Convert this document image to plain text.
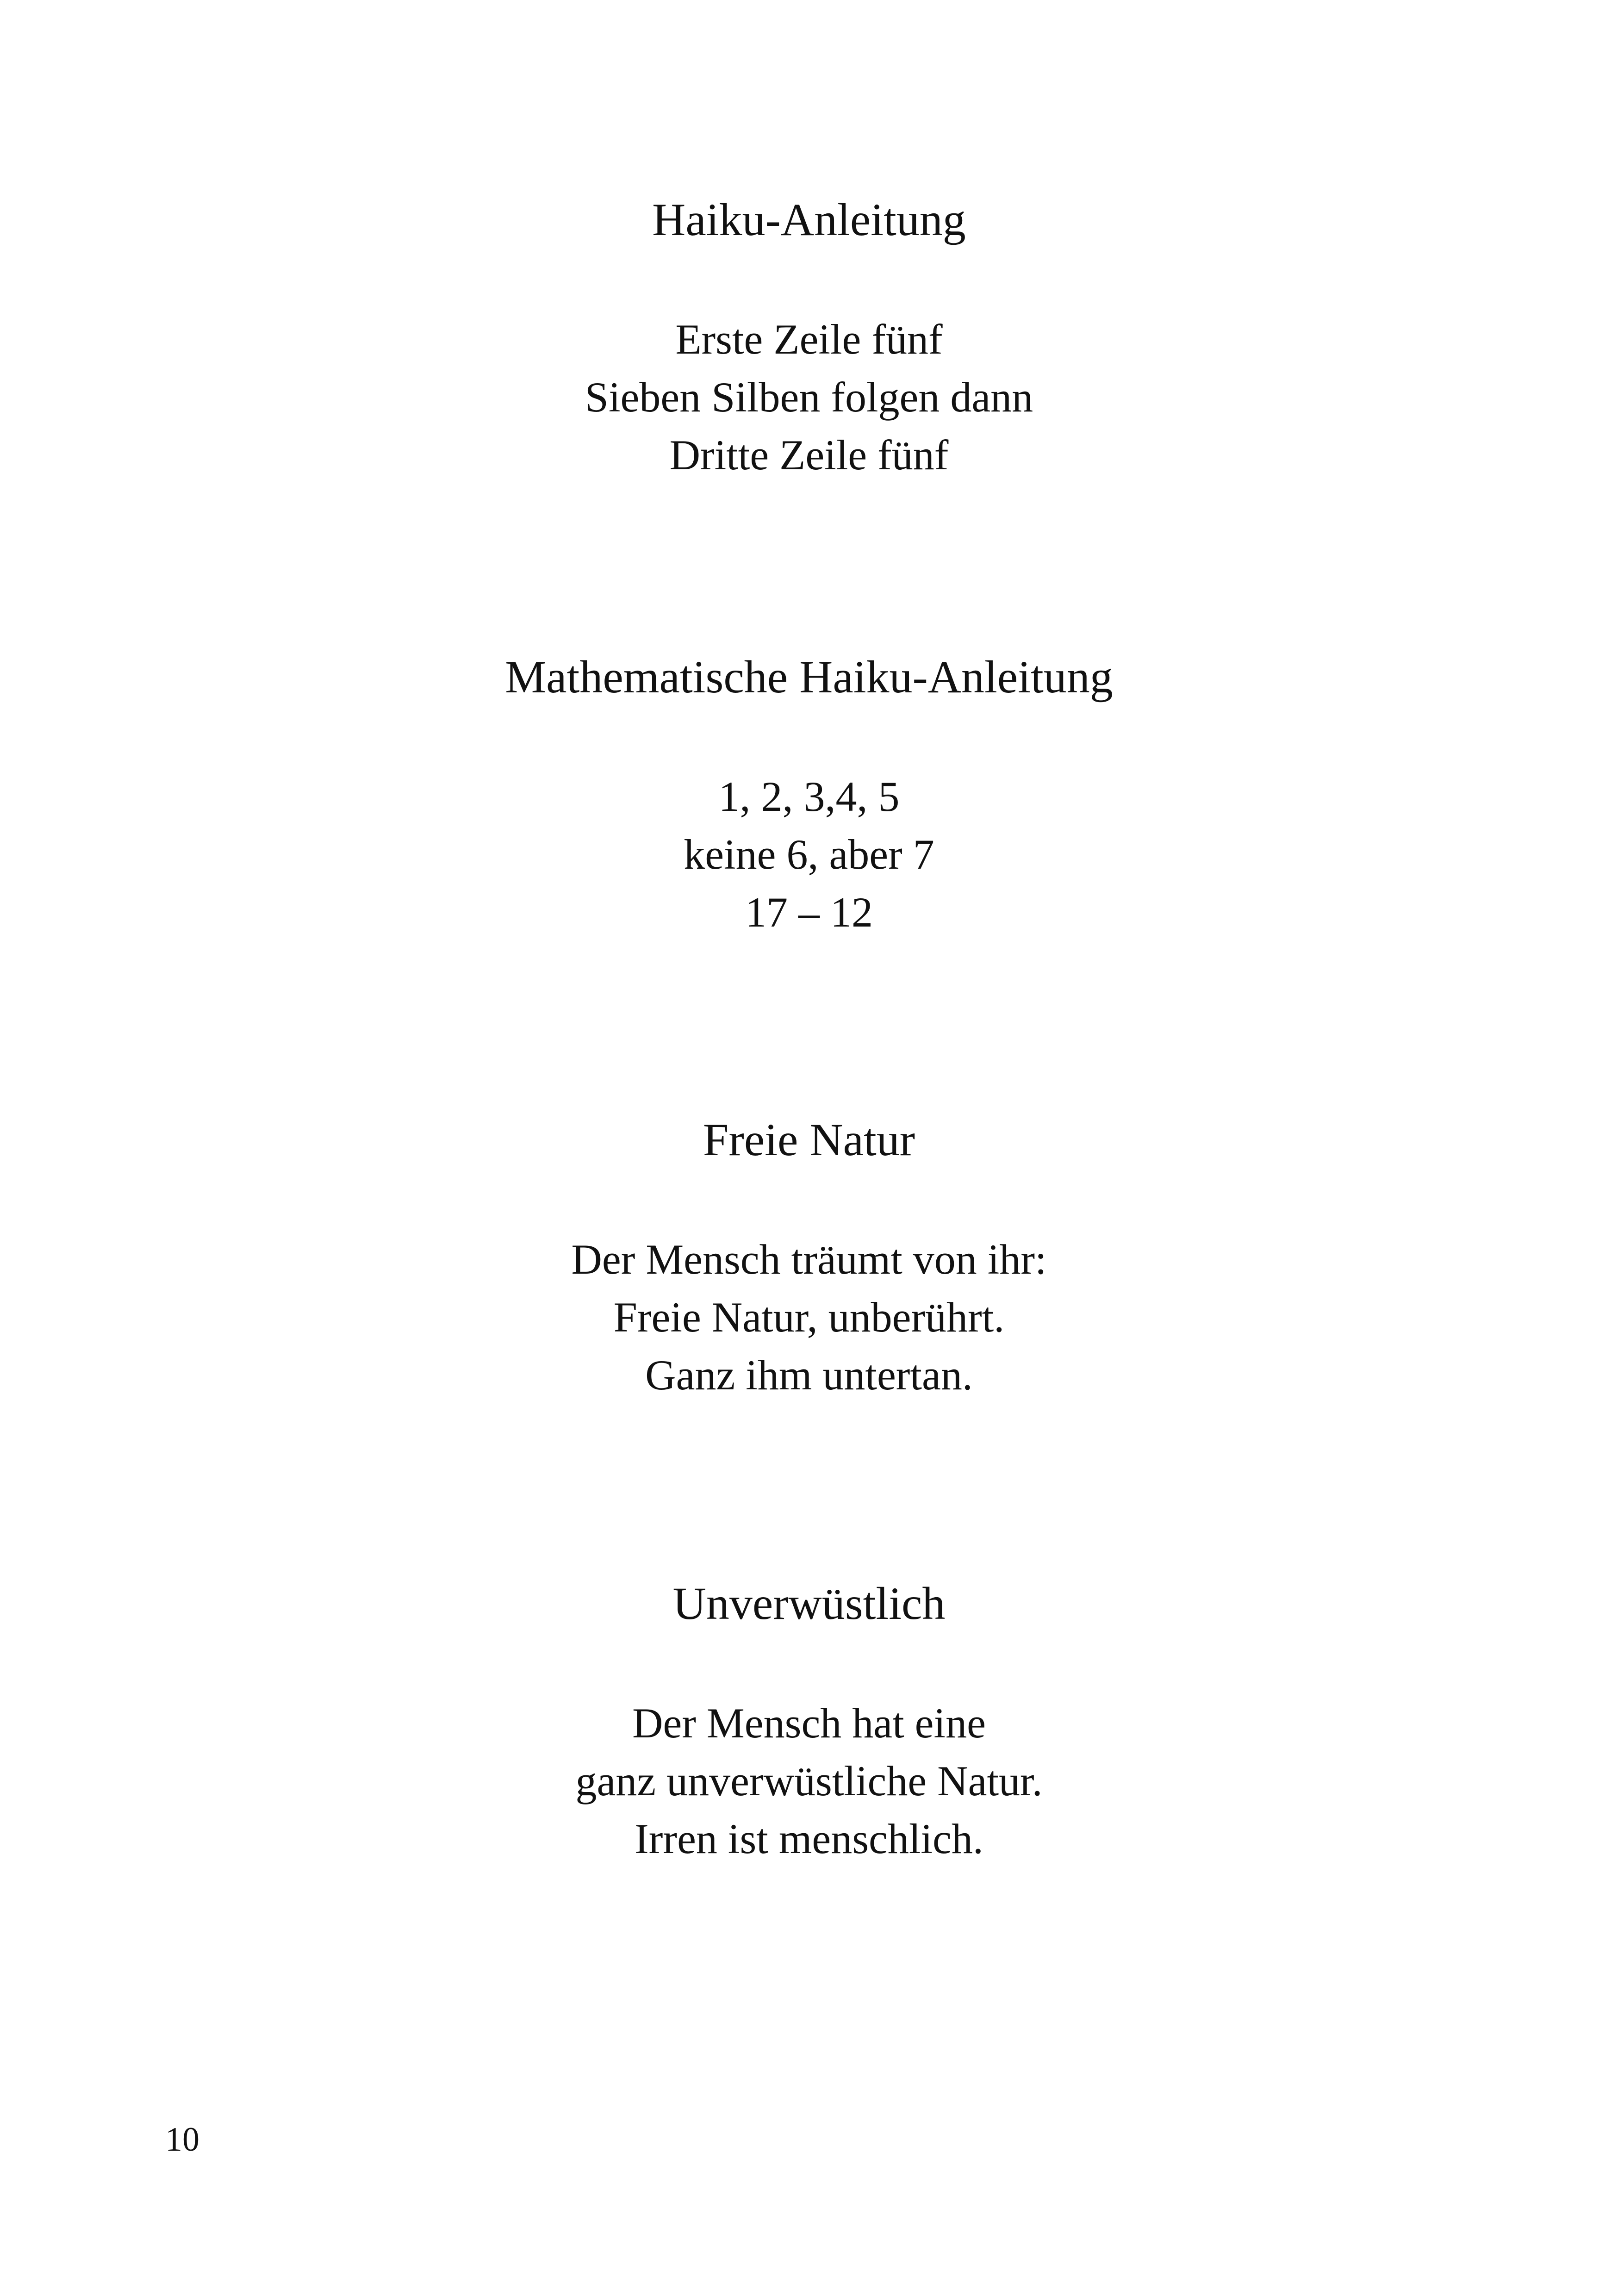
Haiku-Anleitung
Erste Zeile fünf
Sieben Silben folgen dann
Dritte Zeile fünf
Mathematische Haiku-Anleitung
1, 2, 3,4, 5
keine 6, aber 7
17 – 12
Freie Natur
Der Mensch träumt von ihr:
Freie Natur, unberührt.
Ganz ihm untertan.
Unverwüstlich
Der Mensch hat eine
ganz unverwüstliche Natur.
Irren ist menschlich.
10
